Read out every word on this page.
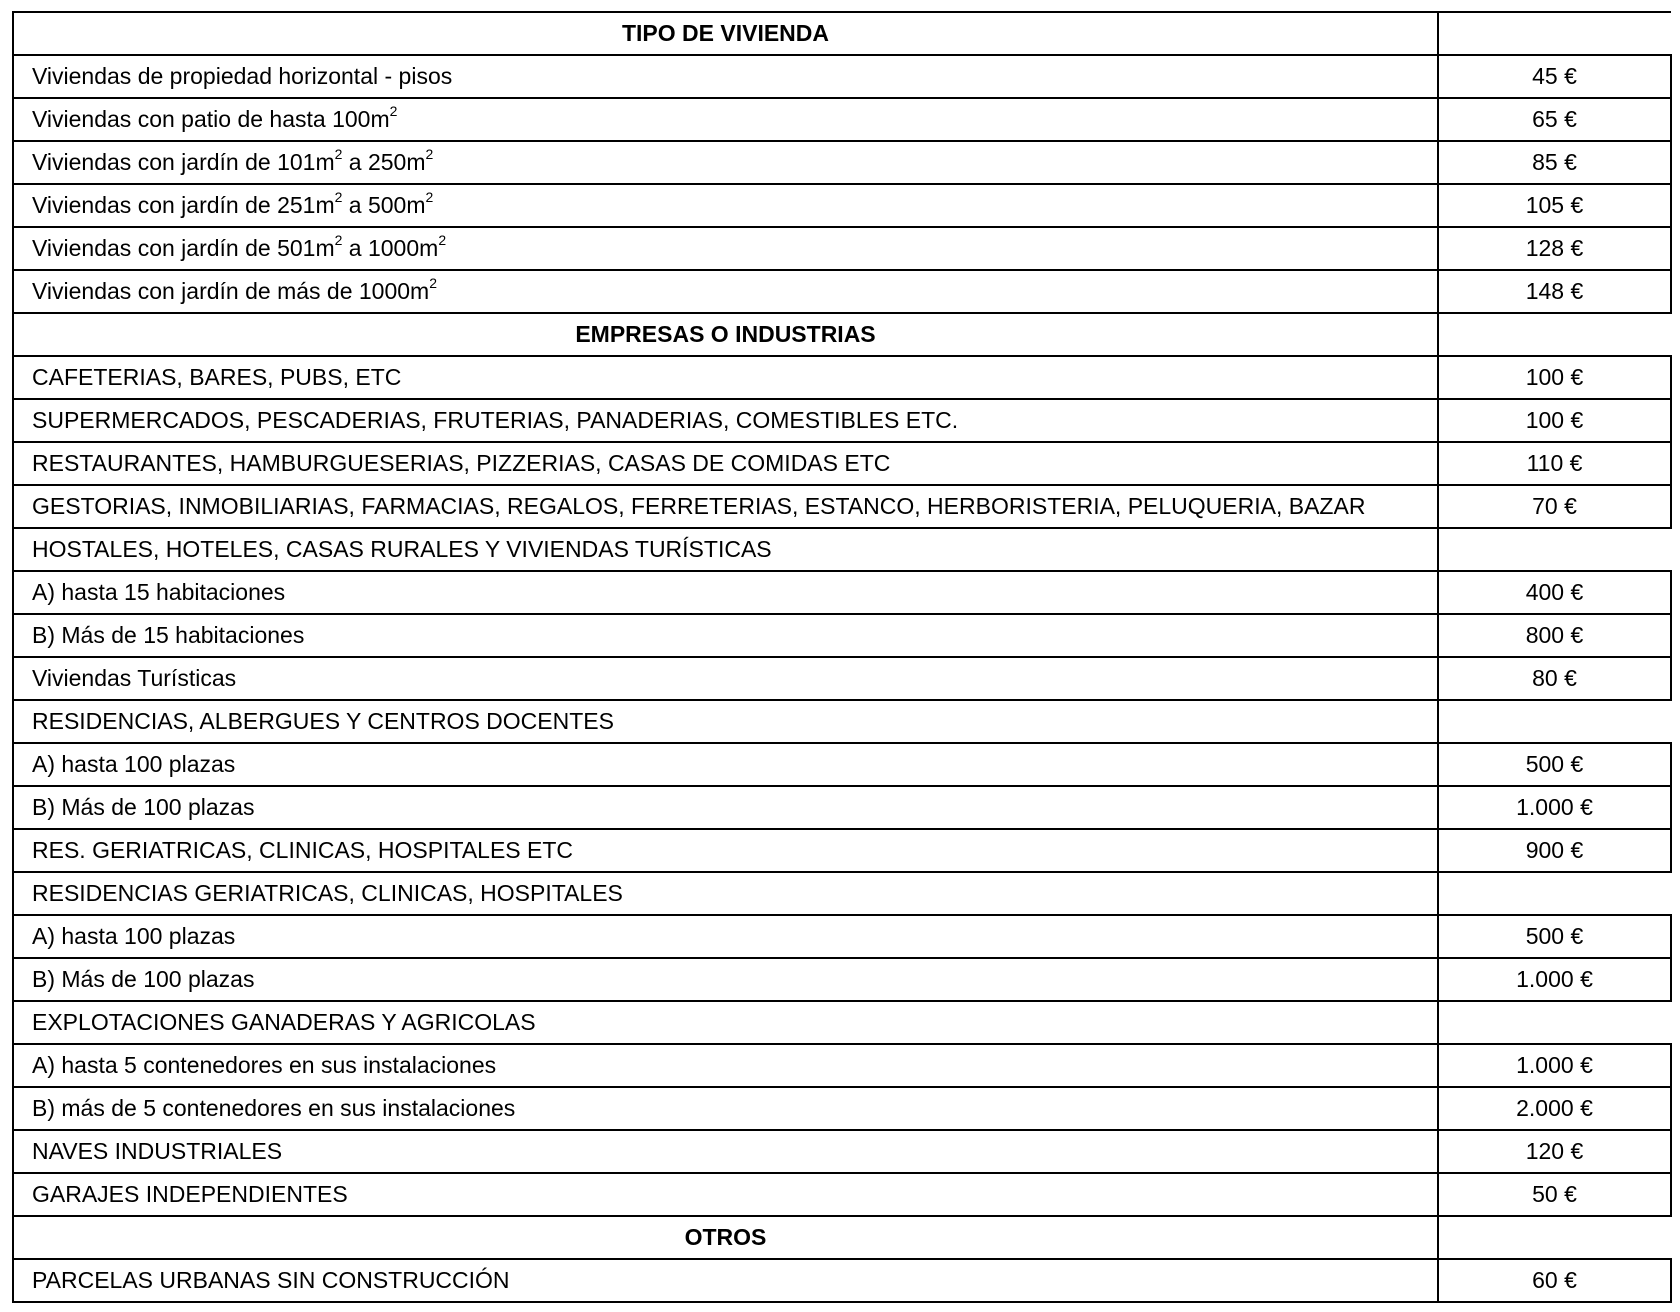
TIPO DE VIVIENDA	
Viviendas de propiedad horizontal - pisos	45 €
Viviendas con patio de hasta $100m^2$	65 €
Viviendas con jardín de $101m^2$ a $250m^2$	85 €
Viviendas con jardín de $251m^2$ a $500m^2$	105 €
Viviendas con jardín de $501m^2$ a $1000m^2$	128 €
Viviendas con jardín de más de $1000m^2$	148 €
EMPRESAS O INDUSTRIAS	
CAFETERIAS, BARES, PUBS, ETC	100 €
SUPERMERCADOS, PESCADERIAS, FRUTERIAS, PANADERIAS, COMESTIBLES ETC.	100 €
RESTAURANTES, HAMBURGUESERIAS, PIZZERIAS, CASAS DE COMIDAS ETC	110 €
GESTORIAS, INMOBILIARIAS, FARMACIAS, REGALOS, FERRETERIAS, ESTANCO, HERBORISTERIA, PELUQUERIA, BAZAR	70 €
HOSTALES, HOTELES, CASAS RURALES Y VIVIENDAS TURÍSTICAS	
A) hasta 15 habitaciones	400 €
B) Más de 15 habitaciones	800 €
Viviendas Turísticas	80 €
RESIDENCIAS, ALBERGUES Y CENTROS DOCENTES	
A) hasta 100 plazas	500 €
B) Más de 100 plazas	1.000 €
RES. GERIATRICAS, CLINICAS, HOSPITALES ETC	900 €
RESIDENCIAS GERIATRICAS, CLINICAS, HOSPITALES	
A) hasta 100 plazas	500 €
B) Más de 100 plazas	1.000 €
EXPLOTACIONES GANADERAS Y AGRICOLAS	
A) hasta 5 contenedores en sus instalaciones	1.000 €
B) más de 5 contenedores en sus instalaciones	2.000 €
NAVES INDUSTRIALES	120 €
GARAJES INDEPENDIENTES	50 €
OTROS	
PARCELAS URBANAS SIN CONSTRUCCIÓN	60 €
